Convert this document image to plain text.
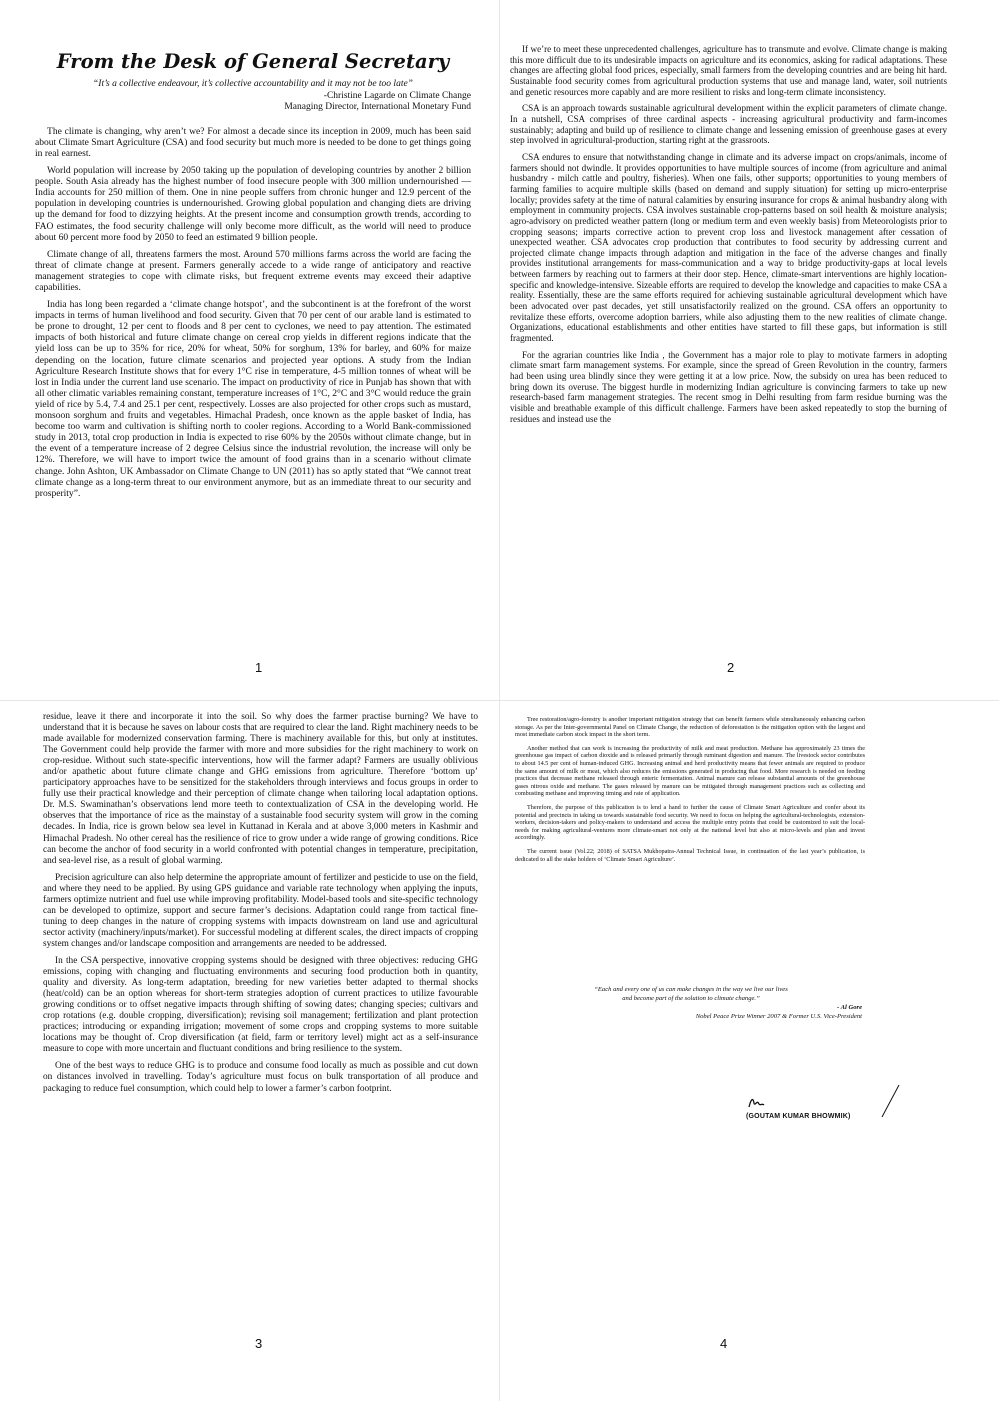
From the Desk of General Secretary
“It’s a collective endeavour, it’s collective accountability and it may not be too late”
-Christine Lagarde on Climate Change
Managing Director, International Monetary Fund

The climate is changing, why aren’t we? For almost a decade since its inception in 2009, much has been said about Climate Smart Agriculture (CSA) and food security but much more is needed to be done to get things going in real earnest.

World population will increase by 2050 taking up the population of developing countries by another 2 billion people. South Asia already has the highest number of food insecure people with 300 million undernourished — India accounts for 250 million of them. One in nine people suffers from chronic hunger and 12.9 percent of the population in developing countries is undernourished. Growing global population and changing diets are driving up the demand for food to dizzying heights. At the present income and consumption growth trends, according to FAO estimates, the food security challenge will only become more difficult, as the world will need to produce about 60 percent more food by 2050 to feed an estimated 9 billion people.

Climate change of all, threatens farmers the most. Around 570 millions farms across the world are facing the threat of climate change at present. Farmers generally accede to a wide range of anticipatory and reactive management strategies to cope with climate risks, but frequent extreme events may exceed their adaptive capabilities.

India has long been regarded a ‘climate change hotspot’, and the subcontinent is at the forefront of the worst impacts in terms of human livelihood and food security. Given that 70 per cent of our arable land is estimated to be prone to drought, 12 per cent to floods and 8 per cent to cyclones, we need to pay attention. The estimated impacts of both historical and future climate change on cereal crop yields in different regions indicate that the yield loss can be up to 35% for rice, 20% for wheat, 50% for sorghum, 13% for barley, and 60% for maize depending on the location, future climate scenarios and projected year options. A study from the Indian Agriculture Research Institute shows that for every 1°C rise in temperature, 4-5 million tonnes of wheat will be lost in India under the current land use scenario. The impact on productivity of rice in Punjab has shown that with all other climatic variables remaining constant, temperature increases of 1°C, 2°C and 3°C would reduce the grain yield of rice by 5.4, 7.4 and 25.1 per cent, respectively. Losses are also projected for other crops such as mustard, monsoon sorghum and fruits and vegetables. Himachal Pradesh, once known as the apple basket of India, has become too warm and cultivation is shifting north to cooler regions. According to a World Bank-commissioned study in 2013, total crop production in India is expected to rise 60% by the 2050s without climate change, but in the event of a temperature increase of 2 degree Celsius since the industrial revolution, the increase will only be 12%. Therefore, we will have to import twice the amount of food grains than in a scenario without climate change. John Ashton, UK Ambassador on Climate Change to UN (2011) has so aptly stated that “We cannot treat climate change as a long-term threat to our environment anymore, but as an immediate threat to our security and prosperity”.

1

If we’re to meet these unprecedented challenges, agriculture has to transmute and evolve. Climate change is making this more difficult due to its undesirable impacts on agriculture and its economics, asking for radical adaptations. These changes are affecting global food prices, especially, small farmers from the developing countries and are being hit hard. Sustainable food security comes from agricultural production systems that use and manage land, water, soil nutrients and genetic resources more capably and are more resilient to risks and long-term climate inconsistency.

CSA is an approach towards sustainable agricultural development within the explicit parameters of climate change. In a nutshell, CSA comprises of three cardinal aspects - increasing agricultural productivity and farm-incomes sustainably; adapting and build up of resilience to climate change and lessening emission of greenhouse gases at every step involved in agricultural-production, starting right at the grassroots.

CSA endures to ensure that notwithstanding change in climate and its adverse impact on crops/animals, income of farmers should not dwindle. It provides opportunities to have multiple sources of income (from agriculture and animal husbandry - milch cattle and poultry, fisheries). When one fails, other supports; opportunities to young members of farming families to acquire multiple skills (based on demand and supply situation) for setting up micro-enterprise locally; provides safety at the time of natural calamities by ensuring insurance for crops & animal husbandry along with employment in community projects. CSA involves sustainable crop-patterns based on soil health & moisture analysis; agro-advisory on predicted weather pattern (long or medium term and even weekly basis) from Meteorologists prior to cropping seasons; imparts corrective action to prevent crop loss and livestock management after cessation of unexpected weather. CSA advocates crop production that contributes to food security by addressing current and projected climate change impacts through adaption and mitigation in the face of the adverse changes and finally provides institutional arrangements for mass-communication and a way to bridge productivity-gaps at local levels between farmers by reaching out to farmers at their door step. Hence, climate-smart interventions are highly location-specific and knowledge-intensive. Sizeable efforts are required to develop the knowledge and capacities to make CSA a reality. Essentially, these are the same efforts required for achieving sustainable agricultural development which have been advocated over past decades, yet still unsatisfactorily realized on the ground. CSA offers an opportunity to revitalize these efforts, overcome adoption barriers, while also adjusting them to the new realities of climate change. Organizations, educational establishments and other entities have started to fill these gaps, but information is still fragmented.

For the agrarian countries like India , the Government has a major role to play to motivate farmers in adopting climate smart farm management systems. For example, since the spread of Green Revolution in the country, farmers had been using urea blindly since they were getting it at a low price. Now, the subsidy on urea has been reduced to bring down its overuse. The biggest hurdle in modernizing Indian agriculture is convincing farmers to take up new research-based farm management strategies. The recent smog in Delhi resulting from farm residue burning was the visible and breathable example of this difficult challenge. Farmers have been asked repeatedly to stop the burning of residues and instead use the

2

residue, leave it there and incorporate it into the soil. So why does the farmer practise burning? We have to understand that it is because he saves on labour costs that are required to clear the land. Right machinery needs to be made available for modernized conservation farming. There is machinery available for this, but only at institutes. The Government could help provide the farmer with more and more subsidies for the right machinery to work on crop-residue. Without such state-specific interventions, how will the farmer adapt? Farmers are usually oblivious and/or apathetic about future climate change and GHG emissions from agriculture. Therefore ‘bottom up’ participatory approaches have to be sensitized for the stakeholders through interviews and focus groups in order to fully use their practical knowledge and their perception of climate change when tailoring local adaptation options. Dr. M.S. Swaminathan’s observations lend more teeth to contextualization of CSA in the developing world. He observes that the importance of rice as the mainstay of a sustainable food security system will grow in the coming decades. In India, rice is grown below sea level in Kuttanad in Kerala and at above 3,000 meters in Kashmir and Himachal Pradesh. No other cereal has the resilience of rice to grow under a wide range of growing conditions. Rice can become the anchor of food security in a world confronted with potential changes in temperature, precipitation, and sea-level rise, as a result of global warming.

Precision agriculture can also help determine the appropriate amount of fertilizer and pesticide to use on the field, and where they need to be applied. By using GPS guidance and variable rate technology when applying the inputs, farmers optimize nutrient and fuel use while improving profitability. Model-based tools and site-specific technology can be developed to optimize, support and secure farmer’s decisions. Adaptation could range from tactical fine-tuning to deep changes in the nature of cropping systems with impacts downstream on land use and agricultural sector activity (machinery/inputs/market). For successful modeling at different scales, the direct impacts of cropping system changes and/or landscape composition and arrangements are needed to be addressed.

In the CSA perspective, innovative cropping systems should be designed with three objectives: reducing GHG emissions, coping with changing and fluctuating environments and securing food production both in quantity, quality and diversity. As long-term adaptation, breeding for new varieties better adapted to thermal shocks (heat/cold) can be an option whereas for short-term strategies adoption of current practices to utilize favourable growing conditions or to offset negative impacts through shifting of sowing dates; changing species; cultivars and crop rotations (e.g. double cropping, diversification); revising soil management; fertilization and plant protection practices; introducing or expanding irrigation; movement of some crops and cropping systems to more suitable locations may be thought of. Crop diversification (at field, farm or territory level) might act as a self-insurance measure to cope with more uncertain and fluctuant conditions and bring resilience to the system.

One of the best ways to reduce GHG is to produce and consume food locally as much as possible and cut down on distances involved in travelling. Today’s agriculture must focus on bulk transportation of all produce and packaging to reduce fuel consumption, which could help to lower a farmer’s carbon footprint.

3

Tree restoration/agro-forestry is another important mitigation strategy that can benefit farmers while simultaneously enhancing carbon storage. As per the Inter-governmental Panel on Climate Change, the reduction of deforestation is the mitigation option with the largest and most immediate carbon stock impact in the short term.

Another method that can work is increasing the productivity of milk and meat production. Methane has approximately 23 times the greenhouse gas impact of carbon dioxide and is released primarily through ruminant digestion and manure. The livestock sector contributes to about 14.5 per cent of human-induced GHG. Increasing animal and herd productivity means that fewer animals are required to produce the same amount of milk or meat, which also reduces the emissions generated in producing that food. More research is needed on feeding practices that decrease methane released through enteric fermentation. Animal manure can release substantial amounts of the greenhouse gases nitrous oxide and methane. The gases released by manure can be mitigated through management practices such as collecting and combusting methane and improving timing and rate of application.

Therefore, the purpose of this publication is to lend a hand to further the cause of Climate Smart Agriculture and confer about its potential and precincts in taking us towards sustainable food security. We need to focus on helping the agricultural-technologists, extension-workers, decision-takers and policy-makers to understand and access the multiple entry points that could be customized to suit the local-needs for making agricultural-ventures more climate-smart not only at the national level but also at micro-levels and plan and invest accordingly.

The current issue (Vol.22; 2018) of SATSA Mukhopatra-Annual Technical Issue, in continuation of the last year’s publication, is dedicated to all the stake holders of ‘Climate Smart Agriculture’.

“Each and every one of us can make changes in the way we live our lives
and become part of the solution to climate change.”
- Al Gore
Nobel Peace Prize Winner 2007 & Former U.S. Vice-President
(GOUTAM KUMAR BHOWMIK)
4
